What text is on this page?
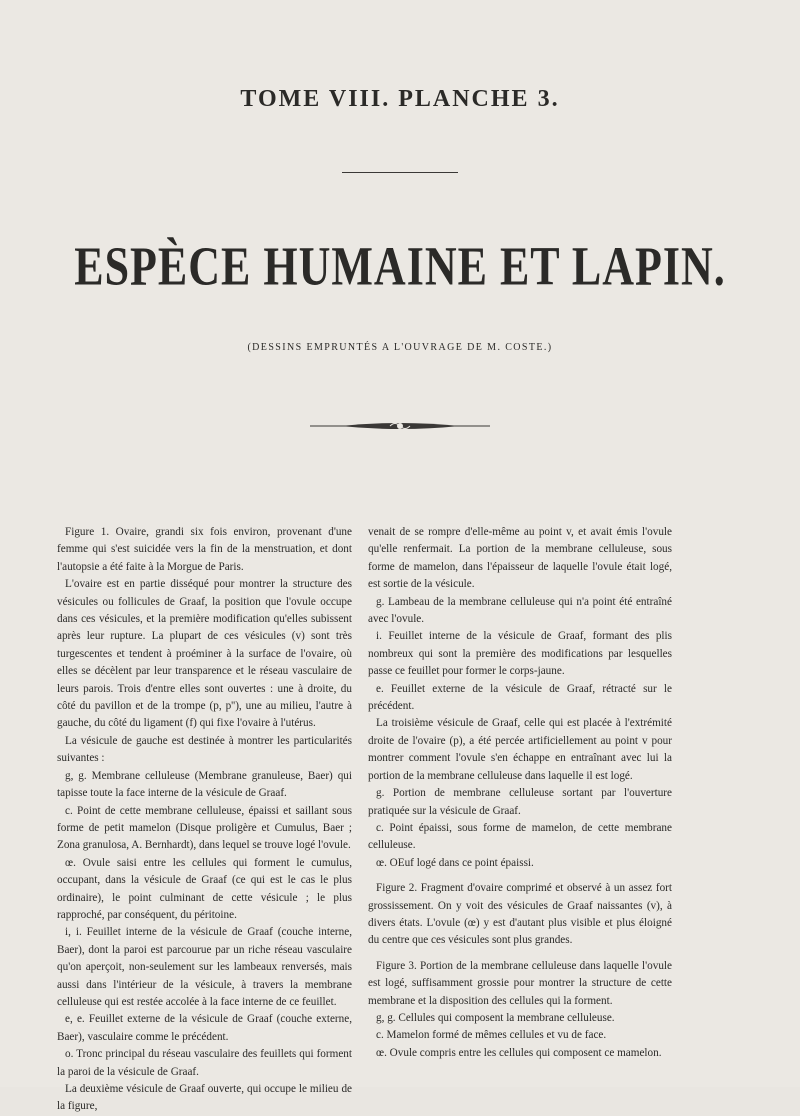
TOME VIII. PLANCHE 3.
ESPÈCE HUMAINE ET LAPIN.
(DESSINS EMPRUNTÉS A L'OUVRAGE DE M. COSTE.)

Figure 1. Ovaire, grandi six fois environ, provenant d'une femme qui s'est suicidée vers la fin de la menstruation, et dont l'autopsie a été faite à la Morgue de Paris.

L'ovaire est en partie disséqué pour montrer la structure des vésicules ou follicules de Graaf, la position que l'ovule occupe dans ces vésicules, et la première modification qu'elles subissent après leur rupture. La plupart de ces vésicules (v) sont très turgescentes et tendent à proéminer à la surface de l'ovaire, où elles se décèlent par leur transparence et le réseau vasculaire de leurs parois. Trois d'entre elles sont ouvertes : une à droite, du côté du pavillon et de la trompe (p, p''), une au milieu, l'autre à gauche, du côté du ligament (f) qui fixe l'ovaire à l'utérus.

La vésicule de gauche est destinée à montrer les particularités suivantes :

g, g. Membrane celluleuse (Membrane granuleuse, Baer) qui tapisse toute la face interne de la vésicule de Graaf.

c. Point de cette membrane celluleuse, épaissi et saillant sous forme de petit mamelon (Disque proligère et Cumulus, Baer ; Zona granulosa, A. Bernhardt), dans lequel se trouve logé l'ovule.

œ. Ovule saisi entre les cellules qui forment le cumulus, occupant, dans la vésicule de Graaf (ce qui est le cas le plus ordinaire), le point culminant de cette vésicule ; le plus rapproché, par conséquent, du péritoine.

i, i. Feuillet interne de la vésicule de Graaf (couche interne, Baer), dont la paroi est parcourue par un riche réseau vasculaire qu'on aperçoit, non-seulement sur les lambeaux renversés, mais aussi dans l'intérieur de la vésicule, à travers la membrane celluleuse qui est restée accolée à la face interne de ce feuillet.

e, e. Feuillet externe de la vésicule de Graaf (couche externe, Baer), vasculaire comme le précédent.

o. Tronc principal du réseau vasculaire des feuillets qui forment la paroi de la vésicule de Graaf.

La deuxième vésicule de Graaf ouverte, qui occupe le milieu de la figure,

venait de se rompre d'elle-même au point v, et avait émis l'ovule qu'elle renfermait. La portion de la membrane celluleuse, sous forme de mamelon, dans l'épaisseur de laquelle l'ovule était logé, est sortie de la vésicule.

g. Lambeau de la membrane celluleuse qui n'a point été entraîné avec l'ovule.

i. Feuillet interne de la vésicule de Graaf, formant des plis nombreux qui sont la première des modifications par lesquelles passe ce feuillet pour former le corps-jaune.

e. Feuillet externe de la vésicule de Graaf, rétracté sur le précédent.

La troisième vésicule de Graaf, celle qui est placée à l'extrémité droite de l'ovaire (p), a été percée artificiellement au point v pour montrer comment l'ovule s'en échappe en entraînant avec lui la portion de la membrane celluleuse dans laquelle il est logé.

g. Portion de membrane celluleuse sortant par l'ouverture pratiquée sur la vésicule de Graaf.

c. Point épaissi, sous forme de mamelon, de cette membrane celluleuse.

œ. OEuf logé dans ce point épaissi.

Figure 2. Fragment d'ovaire comprimé et observé à un assez fort grossissement. On y voit des vésicules de Graaf naissantes (v), à divers états. L'ovule (œ) y est d'autant plus visible et plus éloigné du centre que ces vésicules sont plus grandes.

Figure 3. Portion de la membrane celluleuse dans laquelle l'ovule est logé, suffisamment grossie pour montrer la structure de cette membrane et la disposition des cellules qui la forment.

g, g. Cellules qui composent la membrane celluleuse.

c. Mamelon formé de mêmes cellules et vu de face.

œ. Ovule compris entre les cellules qui composent ce mamelon.
